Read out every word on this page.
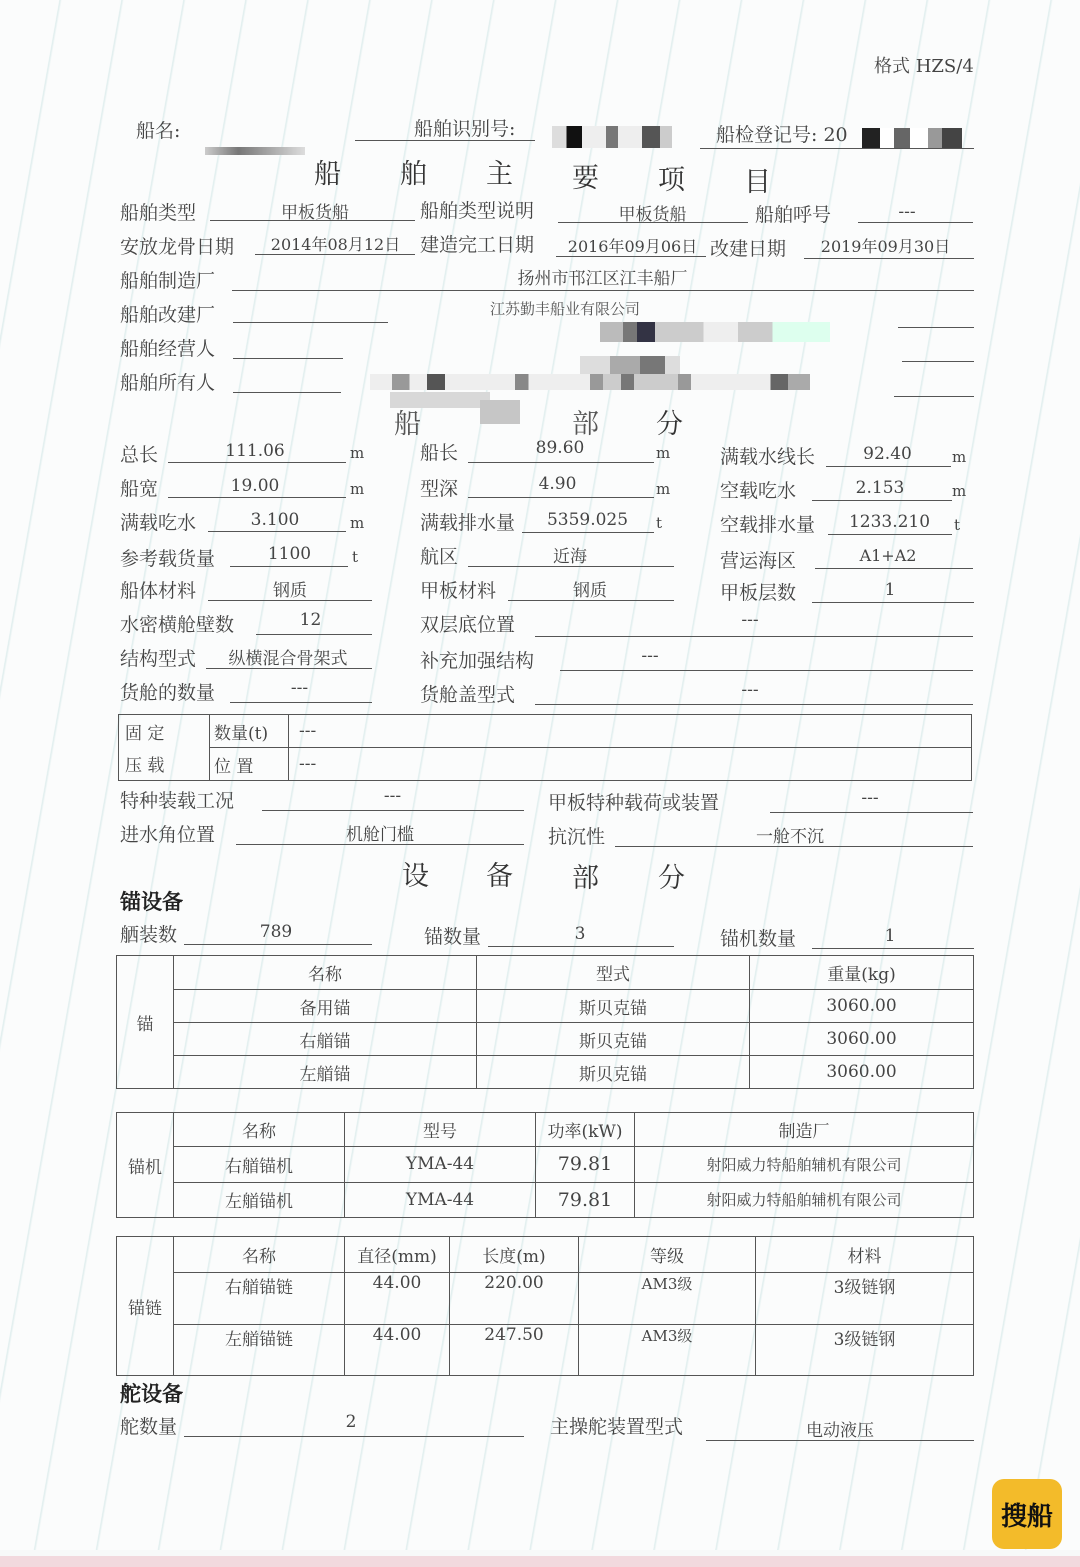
格式 HZS/4
船名:	船舶识别号:	船检登记号: 20
船 舶 主 要 项 目
船舶类型	甲板货船	船舶类型说明	甲板货船	船舶呼号	---
安放龙骨日期	2014年08月12日	建造完工日期	2016年09月06日 改建日期	2019年09月30日
船舶制造厂	扬州市邗江区江丰船厂
船舶改建厂	江苏勤丰船业有限公司
船舶经营人
船舶所有人
船	部 分
总长	111.06	m	船长	89.60	m	满载水线长	92.40	m
船宽	19.00	m	型深	4.90	m	空载吃水	2.153	m
满载吃水	3.100	m	满载排水量	5359.025	t	空载排水量	1233.210	t
参考载货量	1100	t	航区	近海	营运海区	A1+A2
船体材料	钢质	甲板材料	钢质	甲板层数	1
水密横舱壁数	12	双层底位置	---
结构型式	纵横混合骨架式	补充加强结构	---
货舱的数量	---	货舱盖型式	---
固 定	数量(t)	---
压 载	位 置	---
特种装载工况	---	甲板特种载荷或装置	---
进水角位置	机舱门槛	抗沉性	一舱不沉
设 备 部 分
锚设备
舾装数	789	锚数量	3	锚机数量	1
锚	名称	型式	重量(kg)
	备用锚	斯贝克锚	3060.00
	右艏锚	斯贝克锚	3060.00
	左艏锚	斯贝克锚	3060.00
锚机	名称	型号	功率(kW)	制造厂
	右艏锚机	YMA-44	79.81	射阳威力特船舶辅机有限公司
	左艏锚机	YMA-44	79.81	射阳威力特船舶辅机有限公司
锚链	名称	直径(mm)	长度(m)	等级	材料
	右艏锚链	44.00	220.00	AM3级	3级链钢
	左艏锚链	44.00	247.50	AM3级	3级链钢
舵设备
舵数量	2	主操舵装置型式	电动液压
搜船
